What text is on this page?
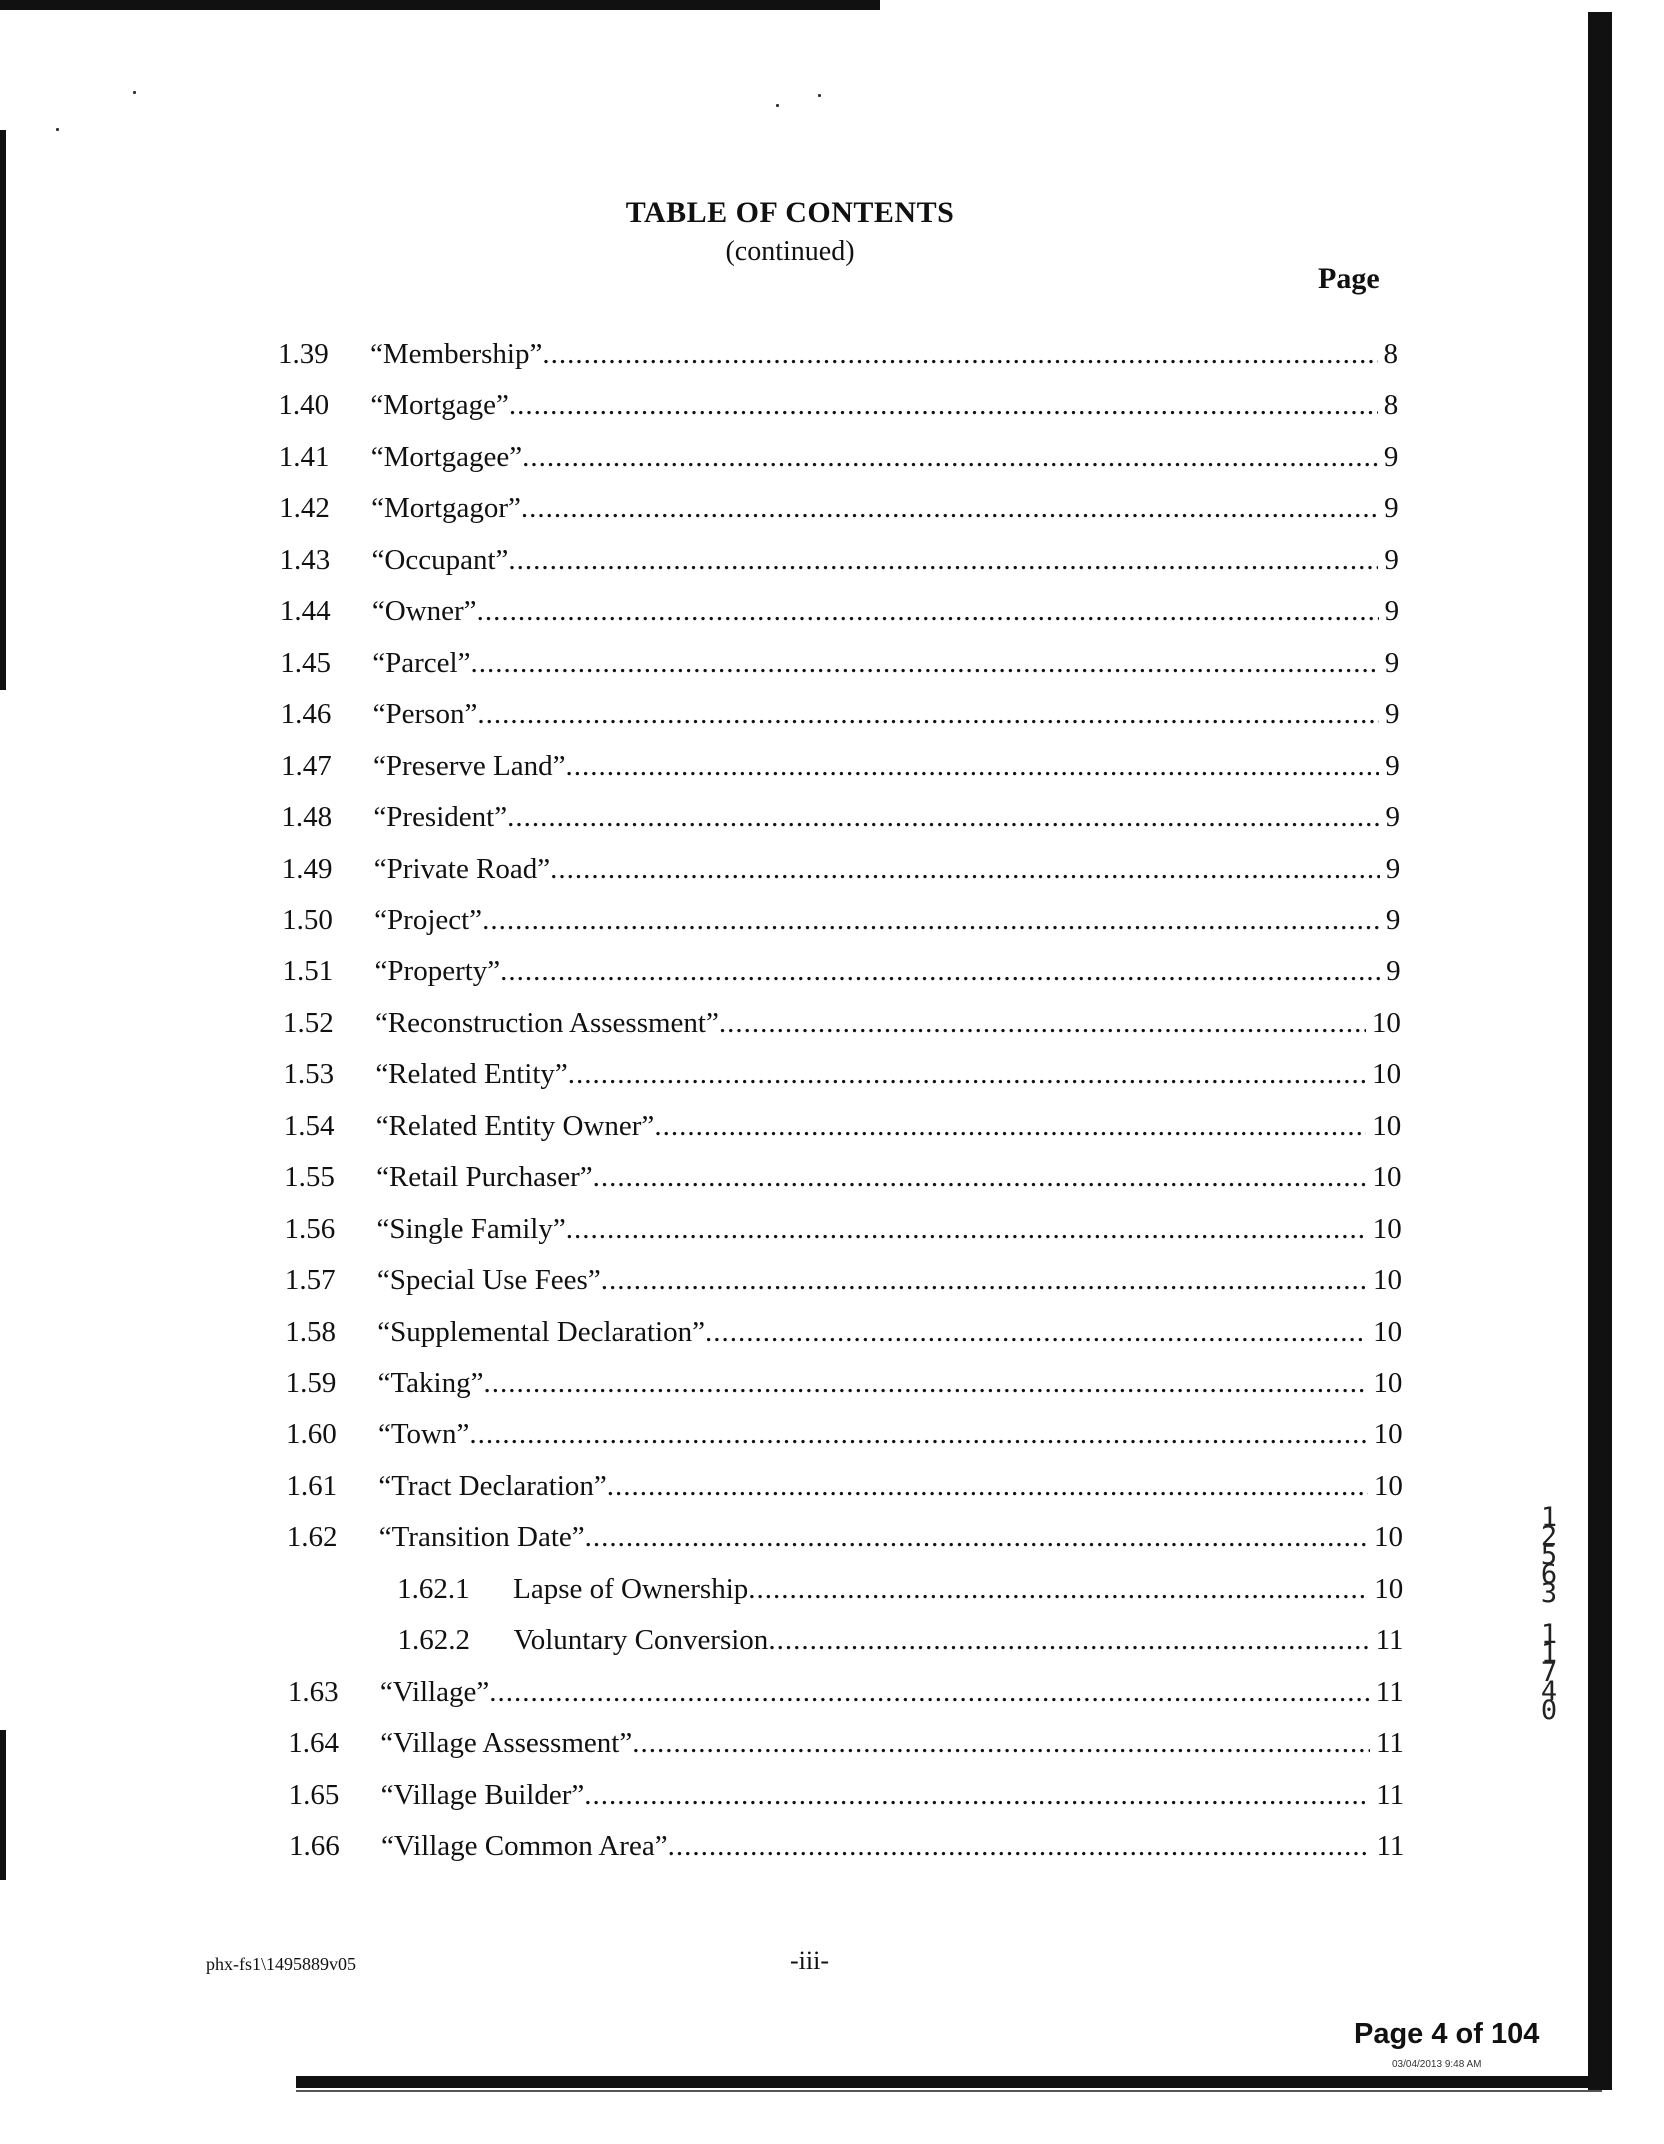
TABLE OF CONTENTS
(continued)
Page
1.39 “Membership” .....	8
1.40 “Mortgage” .....	8
1.41 “Mortgagee” .....	9
1.42 “Mortgagor” .....	9
1.43 “Occupant” .....	9
1.44 “Owner” .....	9
1.45 “Parcel” .....	9
1.46 “Person” .....	9
1.47 “Preserve Land” .....	9
1.48 “President” .....	9
1.49 “Private Road” .....	9
1.50 “Project” .....	9
1.51 “Property” .....	9
1.52 “Reconstruction Assessment” .....	10
1.53 “Related Entity” .....	10
1.54 “Related Entity Owner” .....	10
1.55 “Retail Purchaser” .....	10
1.56 “Single Family” .....	10
1.57 “Special Use Fees” .....	10
1.58 “Supplemental Declaration” .....	10
1.59 “Taking” .....	10
1.60 “Town” .....	10
1.61 “Tract Declaration” .....	10
1.62 “Transition Date” .....	10
1.62.1 Lapse of Ownership .....	10
1.62.2 Voluntary Conversion .....	11
1.63 “Village” .....	11
1.64 “Village Assessment” .....	11
1.65 “Village Builder” .....	11
1.66 “Village Common Area” .....	11
12563
11740
phx-fs1\1495889v05	-iii-
Page 4 of 104
03/04/2013 9:48 AM
